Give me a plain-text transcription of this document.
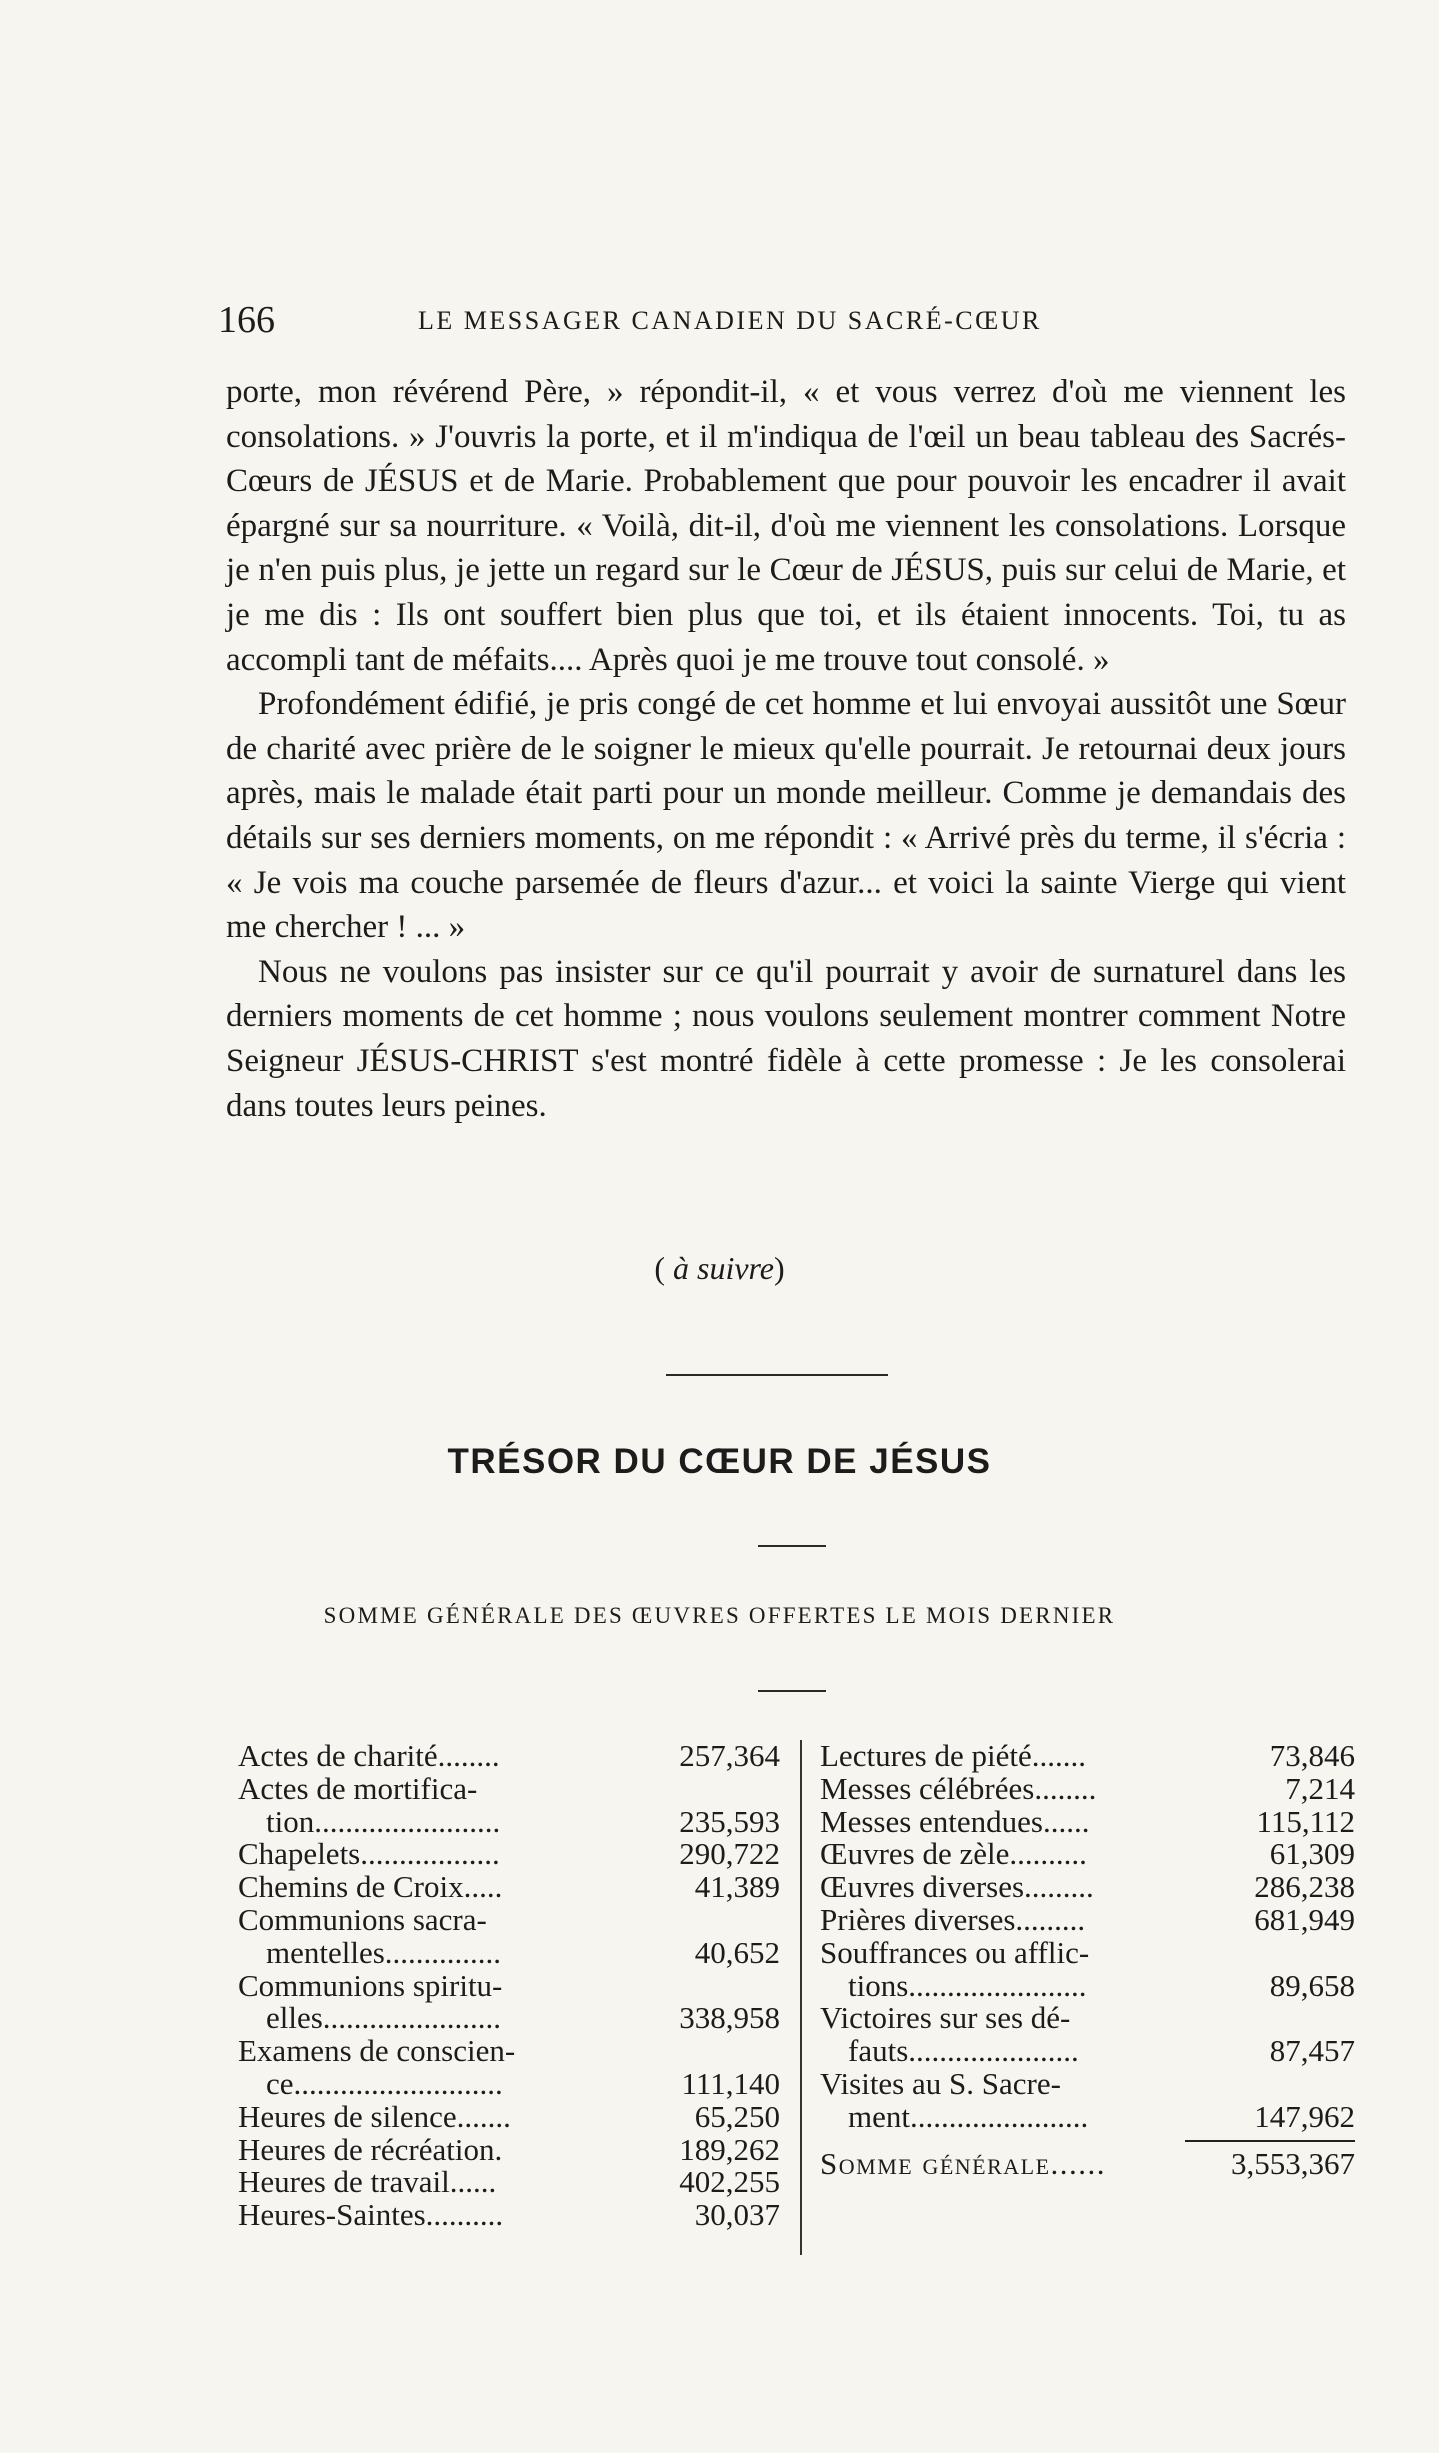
166	LE MESSAGER CANADIEN DU SACRÉ-CŒUR

porte, mon révérend Père, » répondit-il, « et vous verrez d'où me viennent les consolations. » J'ouvris la porte, et il m'indiqua de l'œil un beau tableau des Sacrés-Cœurs de JÉSUS et de Marie. Probablement que pour pouvoir les encadrer il avait épargné sur sa nourriture. « Voilà, dit-il, d'où me viennent les consolations. Lorsque je n'en puis plus, je jette un regard sur le Cœur de JÉSUS, puis sur celui de Marie, et je me dis : Ils ont souffert bien plus que toi, et ils étaient innocents. Toi, tu as accompli tant de méfaits.... Après quoi je me trouve tout consolé. »

Profondément édifié, je pris congé de cet homme et lui envoyai aussitôt une Sœur de charité avec prière de le soigner le mieux qu'elle pourrait. Je retournai deux jours après, mais le malade était parti pour un monde meilleur. Comme je demandais des détails sur ses derniers moments, on me répondit : « Arrivé près du terme, il s'écria : « Je vois ma couche parsemée de fleurs d'azur... et voici la sainte Vierge qui vient me chercher ! ... »

Nous ne voulons pas insister sur ce qu'il pourrait y avoir de surnaturel dans les derniers moments de cet homme ; nous voulons seulement montrer comment Notre Seigneur JÉSUS-CHRIST s'est montré fidèle à cette promesse : Je les consolerai dans toutes leurs peines.

( à suivre)
TRÉSOR DU CŒUR DE JÉSUS
SOMME GÉNÉRALE DES ŒUVRES OFFERTES LE MOIS DERNIER
Actes de charité........	257,364
Actes de mortifica-
tion........................	235,593
Chapelets..................	290,722
Chemins de Croix.....	41,389
Communions sacra-
mentelles...............	40,652
Communions spiritu-
elles.......................	338,958
Examens de conscien-
ce...........................	111,140
Heures de silence.......	65,250
Heures de récréation.	189,262
Heures de travail......	402,255
Heures-Saintes..........	30,037
Lectures de piété.......	73,846
Messes célébrées........	7,214
Messes entendues......	115,112
Œuvres de zèle..........	61,309
Œuvres diverses.........	286,238
Prières diverses.........	681,949
Souffrances ou afflic-
tions.......................	89,658
Victoires sur ses dé-
fauts......................	87,457
Visites au S. Sacre-
ment.......................	147,962
Somme générale......	3,553,367
